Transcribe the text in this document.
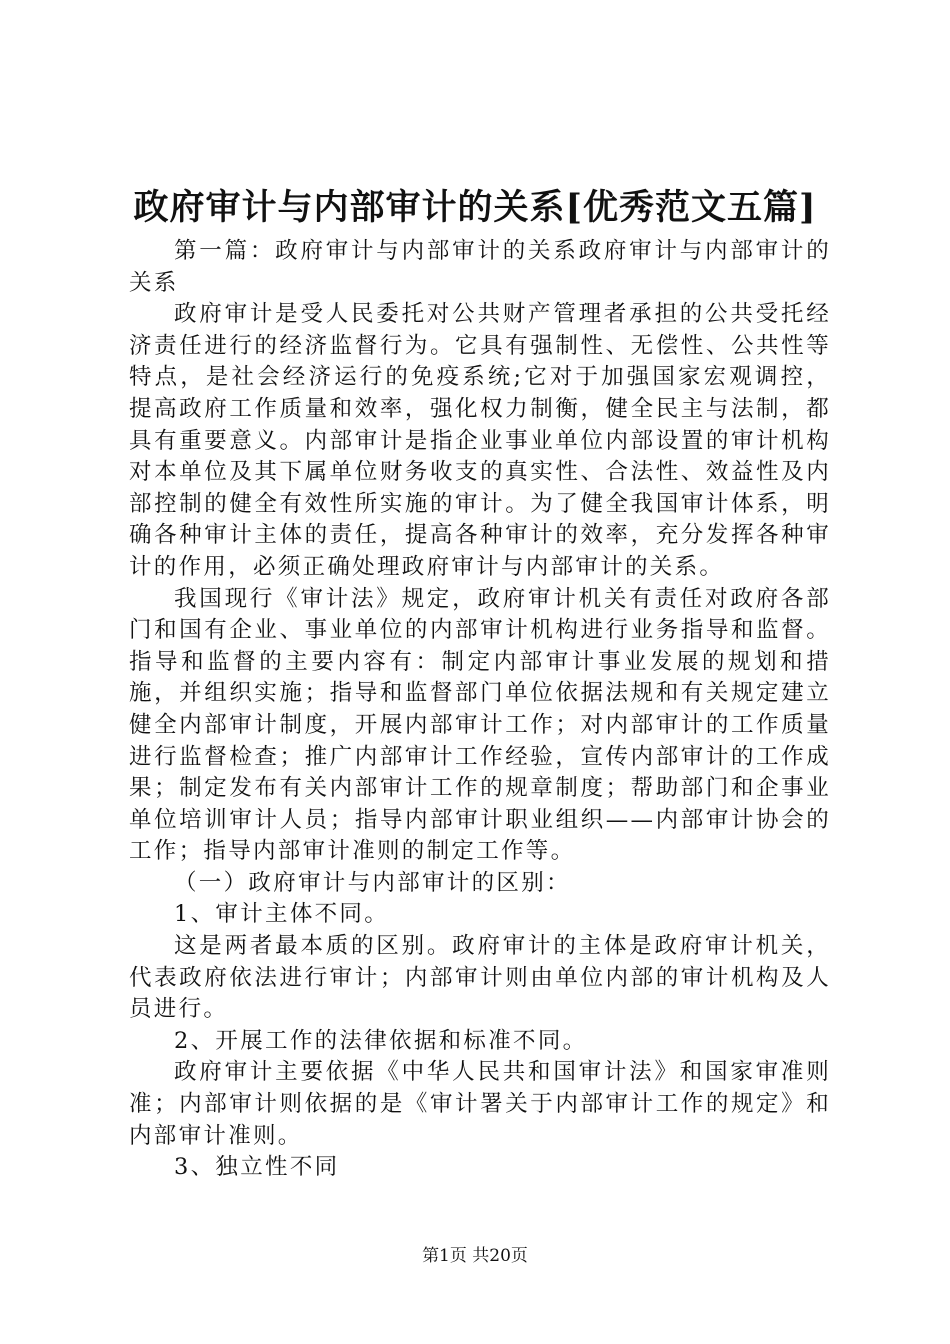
政府审计与内部审计的关系[优秀范文五篇]

第一篇：政府审计与内部审计的关系政府审计与内部审计的关系

政府审计是受人民委托对公共财产管理者承担的公共受托经济责任进行的经济监督行为。它具有强制性、无偿性、公共性等特点，是社会经济运行的免疫系统;它对于加强国家宏观调控，提高政府工作质量和效率，强化权力制衡，健全民主与法制，都具有重要意义。内部审计是指企业事业单位内部设置的审计机构对本单位及其下属单位财务收支的真实性、合法性、效益性及内部控制的健全有效性所实施的审计。为了健全我国审计体系，明确各种审计主体的责任，提高各种审计的效率，充分发挥各种审计的作用，必须正确处理政府审计与内部审计的关系。

我国现行《审计法》规定，政府审计机关有责任对政府各部门和国有企业、事业单位的内部审计机构进行业务指导和监督。指导和监督的主要内容有：制定内部审计事业发展的规划和措施，并组织实施；指导和监督部门单位依据法规和有关规定建立健全内部审计制度，开展内部审计工作；对内部审计的工作质量进行监督检查；推广内部审计工作经验，宣传内部审计的工作成果；制定发布有关内部审计工作的规章制度；帮助部门和企事业单位培训审计人员；指导内部审计职业组织——内部审计协会的工作；指导内部审计准则的制定工作等。

（一）政府审计与内部审计的区别：

1、审计主体不同。

这是两者最本质的区别。政府审计的主体是政府审计机关，代表政府依法进行审计；内部审计则由单位内部的审计机构及人员进行。

2、开展工作的法律依据和标准不同。

政府审计主要依据《中华人民共和国审计法》和国家审准则准；内部审计则依据的是《审计署关于内部审计工作的规定》和内部审计准则。

3、独立性不同

第1页 共20页
